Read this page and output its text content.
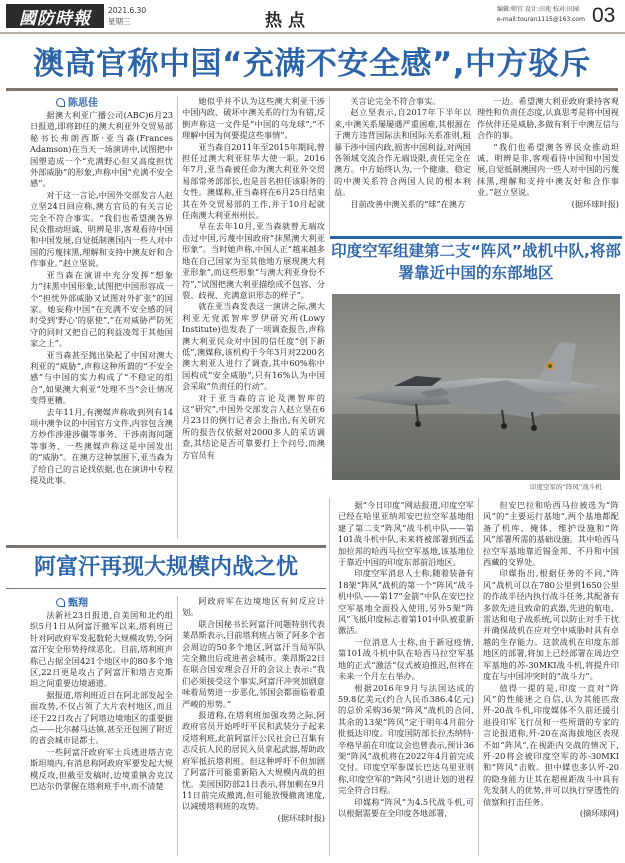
國防時報 2021.6.30
星期三	热点
编辑:师宜 设计:田苑 校对:田园
e-mail:touran1115@163.com 03
澳高官称中国“充满不安全感”,中方驳斥
陈思佳

据澳大利亚广播公司(ABC)6月23日报道,即将卸任的澳大利亚外交贸易部秘书长弗朗西斯·亚当森(Frances Adamson)在当天一场演讲中,试图把中国塑造成一个“充满野心但又高度担忧外部威胁”的形象,声称中国“充满不安全感”。

对于这一言论,中国外交部发言人赵立坚24日回应称,澳方官员的有关言论完全不符合事实。“我们也希望澳各界民众推动坦诚、明辨是非,客观看待中国和中国发展,自觉抵制澳国内一些人对中国的污蔑抹黑,理解和支持中澳友好和合作事业。”赵立坚说。

亚当森在演讲中充分发挥“想象力”抹黑中国形象,试图把中国形容成一个“担忧外部威胁又试图对外扩张”的国家。她妄称中国“在充满不安全感的同时受到‘野心’的驱使”,“在对威胁严防死守的同时又把自己的利益凌驾于其他国家之上”。

亚当森甚至抛出染起了中国对澳大利亚的“威胁”,声称这种所谓的“不安全感”与中国的实力构成了“不稳定的组合”,如果澳大利亚“处理不当”会让情况变得更糟。

去年11月,有澳媒声称收到列有14项中澳争议的中国官方文件,内容包含澳方炒作涉港涉疆等事务、干涉南海问题等事务、一些澳媒声称这是中国发出的“威胁”。在澳方这种氛围下,亚当森为了给自己的言论找依据,也在演讲中专程提及此事。

她似乎并不认为这些澳大利亚干涉中国内政、破坏中澳关系的行为有错,反倒声称这一文件是“中国的乌龙球”,“不理解中国为何要提这些事情”。

亚当森自2011年至2015年期间,曾担任过澳大利亚驻华大使一职。2016年7月,亚当森被任命为澳大利亚外交贸易部常务部部长,也是首名担任该职务的女性。澳媒称,亚当森将在6月25日结束其在外交贸易部的工作,并于10月起就任南澳大利亚州州长。

早在去年10月,亚当森就曾无端攻击过中国,污蔑中国政府“抹黑澳大利亚形象”。当时她声称,中国人正“越来越多地在自己国家为至其他地方展现澳大利亚形象”,而这些形象“与澳大利亚身份不符”,“试图把澳大利亚描绘成不包容、分裂、歧视、充满意识形态的样子”。

就在亚当森发表这一演讲之际,澳大利亚无党派智库罗伊研究所(Lowy Institute)也发表了一项调查报告,声称澳大利亚民众对中国的信任度“创下新低”,澳媒称,该机构于今年3月对2200名澳大利亚人进行了调查,其中60%称中国构成“安全威胁”,只有16%认为中国会采取“负责任的行动”。

对于亚当森的言论及澳智库的这“研究”,中国外交部发言人赵立坚在6月23日的例行记者会上指出,有关研究所的报告仅依据对2000多人的采访调查,其结论是否可靠要打上个问号,而澳方官员有

关言论完全不符合事实。

赵立坚表示,自2017年下半年以来,中澳关系屡屡遇严重困难,其根源在于澳方违背国际法和国际关系准则,粗暴干涉中国内政,损害中国利益,对两国各领域交流合作无端设限,责任完全在澳方。中方始终认为,一个健康、稳定的中澳关系符合两国人民的根本利益。

目前改善中澳关系的“球”在澳方

一边。希望澳大利亚政府秉持客观理性和负责任态度,认真思考是将中国视作伙伴还是威胁,多做有利于中澳互信与合作的事。

“我们也希望澳各界民众推动坦诚、明辨是非,客观看待中国和中国发展,自觉抵制澳国内一些人对中国的污蔑抹黑,理解和支持中澳友好和合作事业。”赵立坚说。

(据环球时报)

印度空军组建第二支“阵风”战机中队,将部署靠近中国的东部地区
印度空军的“阵风”战斗机

据“今日印度”网站报道,印度空军已经在哈里亚纳邦安巴拉空军基地组建了第二支“阵风”战斗机中队——第101战斗机中队,未来将被部署到西孟加拉邦的哈西马拉空军基地,该基地位于靠近中国的印度东部前沿地区。

印度空军消息人士称,随着装备有18架“阵风”战机的第一个“阵风”战斗机中队——第17“金箭”中队在安巴拉空军基地全面投入使用,另外5架“阵风”飞抵印度标志着第101中队被重新激活。

一位消息人士称,由于新冠疫情,第101战斗机中队在哈西马拉空军基地的正式“激活”仪式被迫推迟,但将在未来一个月左右举办。

根据2016年9月与法国达成的59.8亿美元(约合人民币386.4亿元)的总价采购36架“阵风”战机的合同,其余的13架“阵风”定于明年4月前分批抵达印度。印度国防部长拉杰纳特·辛格早前在印度议会也曾表示,预计36架“阵风”战机将在2022年4月前完成交付。印度空军参谋长巴达乌里亚则称,印度空军的“阵风”引进计划的进程完全符合日程。

印媒称“阵风”为4.5代战斗机,可以根据需要在全印度各地部署,

但安巴拉和哈西马拉被选为“阵风”的“主要运行基地”,两个基地都配备了机库、掩体、维护设施和“阵风”部署所需的基础设施。其中哈西马拉空军基地靠近锡金邦、不丹和中国西藏的交界处。

印媒指出,根据任务的不同,“阵风”战机可以在780公里到1650公里的作战半径内执行战斗任务,其配备有多款先进且致命的武器,先进的航电、雷达和电子战系统,可以防止对手干扰并确保战机在应对空中威胁时具有卓越的生存能力。这款战机在印度东部地区的部署,将加上已经部署在周边空军基地的苏-30MKI战斗机,将提升印度在与中国冲突时的“战斗力”。

值得一提的是,印度一直对“阵风”的性能迷之自信,认为其能匹敌歼-20战斗机,印度媒体不久前还援引退役印军飞行员和一些所谓的专家的言论报道称,歼-20在高海拔地区表现不如“阵风”,在视距内交战的情况下,歼-20将会被印度空军的苏-30MKI和“阵风”击败。但中媒也多认歼-20的隐身能力让其在超视距战斗中具有先发制人的优势,并可以执行穿透性的侦察和打击任务。

(摘环球网)

阿富汗再现大规模内战之忧
甄翔

法新社23日报道,自美国和北约组织5月1日从阿富汗撤军以来,塔利班已针对阿政府军发起数轮大规模攻势,令阿富汗安全形势持续恶化。目前,塔利班声称已占据全国421个地区中的80多个地区,22日更是攻占了阿富汗和塔吉克斯坦之间重要边境通道。

据报道,塔利班近日在阿北部发起全面攻势,不仅占领了大片农村地区,而且还于22日攻占了阿塔边境地区的重要据点——比尔赫马达镇,甚至还包围了附近的省会城市昆都士。

一些阿富汗政府军士兵逃进塔吉克斯坦境内,有消息称阿政府军要发起大规模反攻,但截至发稿时,边境重镇舍克汉巴达尔仍掌握在塔利班手中,而不清楚

阿政府军在边境地区有何反应计划。

联合国秘书长阿富汗问题特别代表莱昂斯表示,目前塔利班占领了阿多个省会周边的50多个地区,阿富汗当局军队完全撤出后或进者会城市。莱昂斯22日在联合国安理会召开的会议上表示:“我们必须接受这个事实,阿富汗冲突加剧意味着局势进一步恶化,邻国会都面临着重严峻的形势。”

报道称,在塔利班加强攻势之际,阿政府官员开始呼吁平民和武装分子起来反塔利班,此前阿富汗公民社会已召集有志反抗人民的居民入员拿起武器,帮助政府军抵抗塔利班。但这种呼吁不但加剧了阿富汗可能重新陷入大规模内战的担忧。美国国防部21日表示,将加剩在9月11日前完成撤离,但可能放慢撤离速度,以减缓塔利班的攻势。

(据环球时报)
